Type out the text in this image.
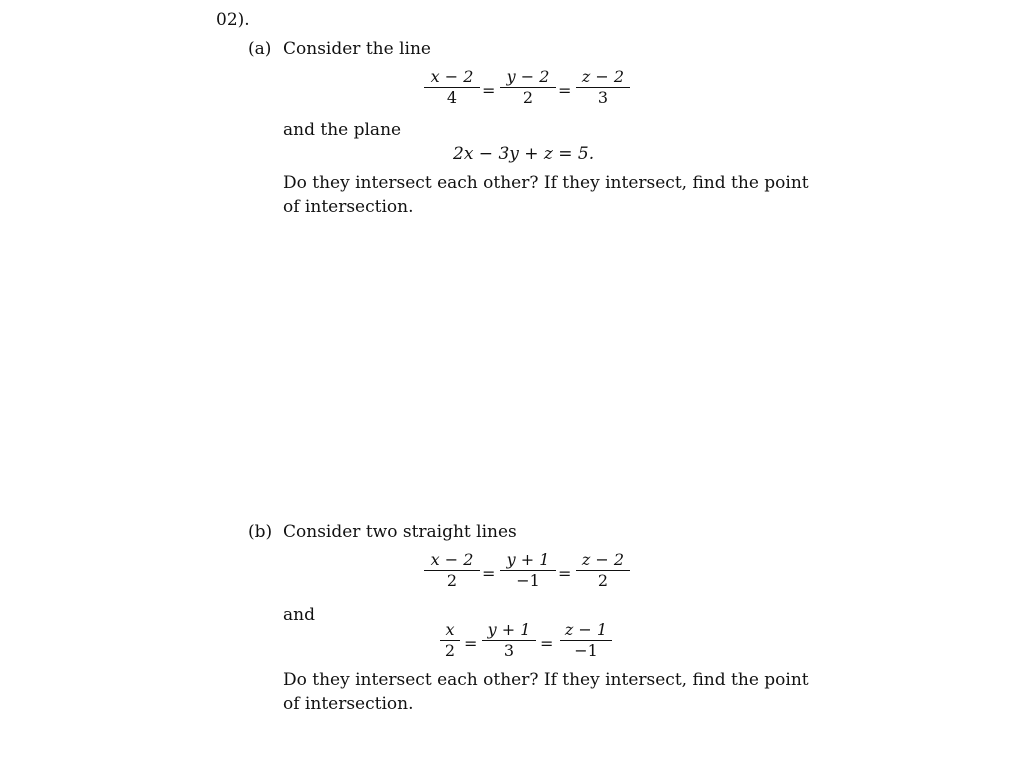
02).
(a) Consider the line
x − 2
4	=
y − 2
2	=
z − 2
3
and the plane
2x − 3y + z = 5.
Do they intersect each other? If they intersect, find the point
of intersection.
(b) Consider two straight lines
x − 2
2	=
y + 1
−1	=
z − 2
2
and
x
2 =
y + 1
3	=
z − 1
−1
Do they intersect each other? If they intersect, find the point
of intersection.
